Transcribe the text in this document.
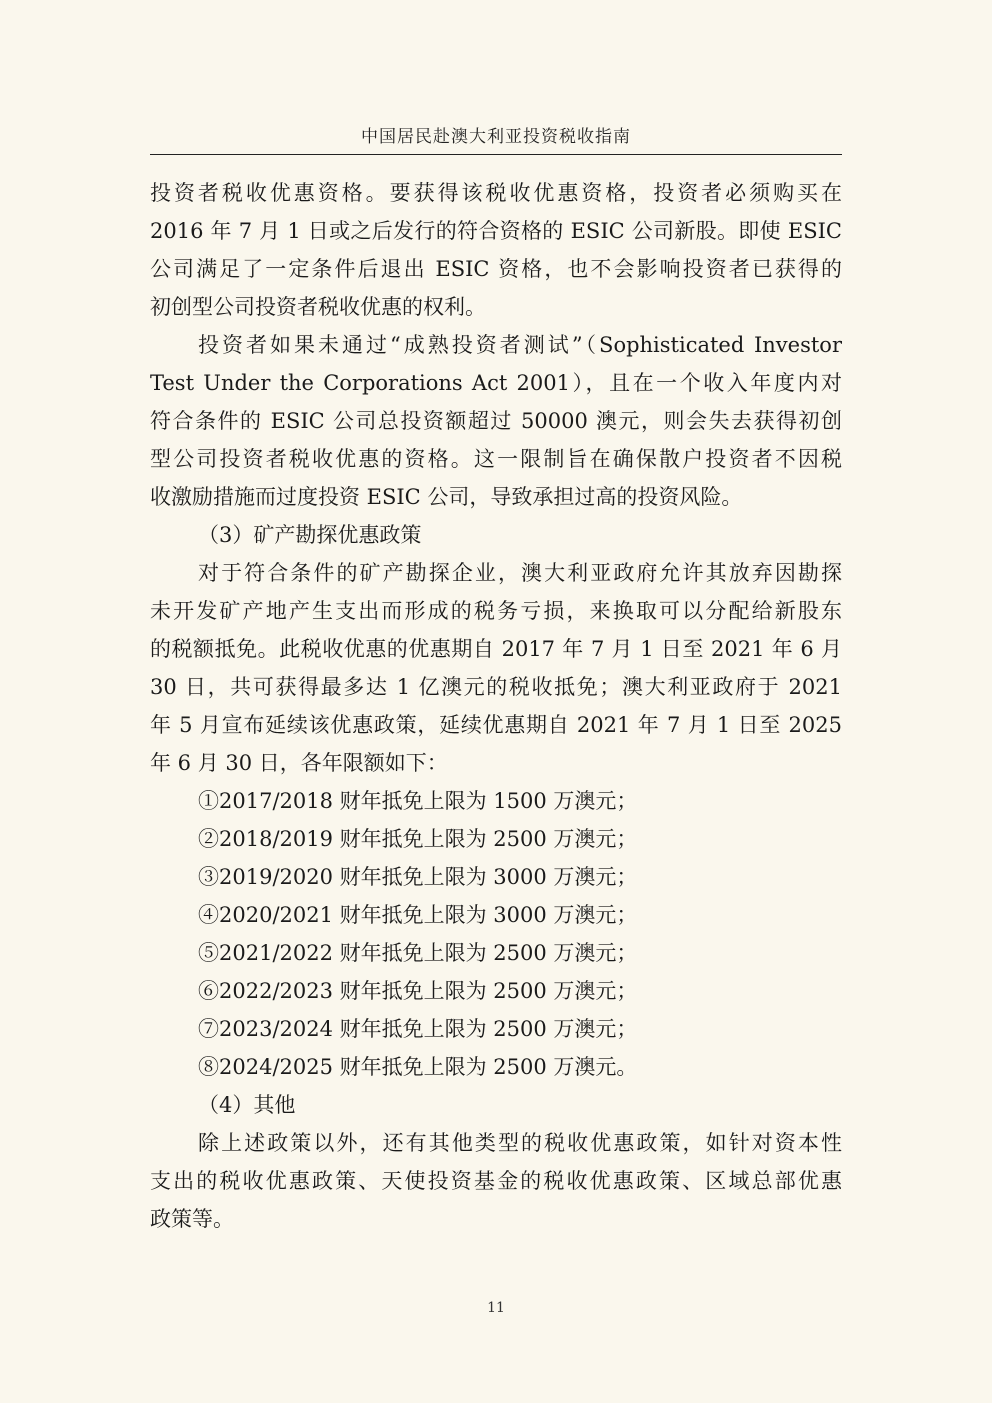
中国居民赴澳大利亚投资税收指南
投资者税收优惠资格。要获得该税收优惠资格，投资者必须购买在
2016 年 7 月 1 日或之后发行的符合资格的 ESIC 公司新股。即使 ESIC
公司满足了一定条件后退出 ESIC 资格，也不会影响投资者已获得的
初创型公司投资者税收优惠的权利。
投资者如果未通过“成熟投资者测试”（Sophisticated Investor
Test Under the Corporations Act 2001），且在一个收入年度内对
符合条件的 ESIC 公司总投资额超过 50000 澳元，则会失去获得初创
型公司投资者税收优惠的资格。这一限制旨在确保散户投资者不因税
收激励措施而过度投资 ESIC 公司，导致承担过高的投资风险。
（3）矿产勘探优惠政策
对于符合条件的矿产勘探企业，澳大利亚政府允许其放弃因勘探
未开发矿产地产生支出而形成的税务亏损，来换取可以分配给新股东
的税额抵免。此税收优惠的优惠期自 2017 年 7 月 1 日至 2021 年 6 月
30 日，共可获得最多达 1 亿澳元的税收抵免；澳大利亚政府于 2021
年 5 月宣布延续该优惠政策，延续优惠期自 2021 年 7 月 1 日至 2025
年 6 月 30 日，各年限额如下：
①2017/2018 财年抵免上限为 1500 万澳元；
②2018/2019 财年抵免上限为 2500 万澳元；
③2019/2020 财年抵免上限为 3000 万澳元；
④2020/2021 财年抵免上限为 3000 万澳元；
⑤2021/2022 财年抵免上限为 2500 万澳元；
⑥2022/2023 财年抵免上限为 2500 万澳元；
⑦2023/2024 财年抵免上限为 2500 万澳元；
⑧2024/2025 财年抵免上限为 2500 万澳元。
（4）其他
除上述政策以外，还有其他类型的税收优惠政策，如针对资本性
支出的税收优惠政策、天使投资基金的税收优惠政策、区域总部优惠
政策等。
11
